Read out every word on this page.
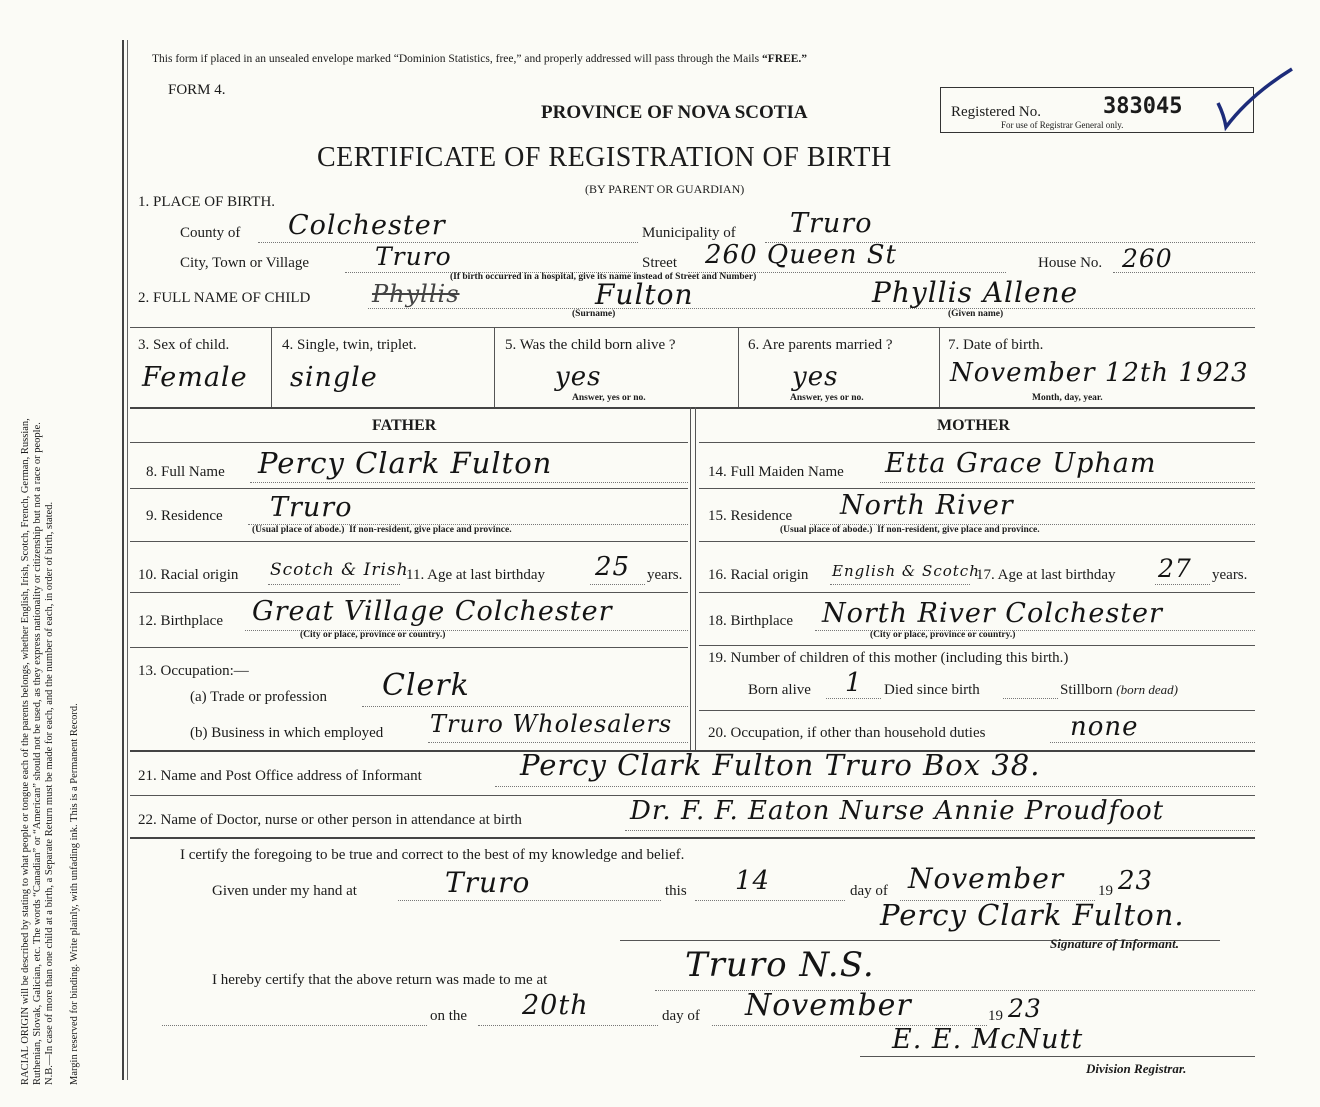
RACIAL ORIGIN will be described by stating to what people or tongue each of the parents belongs, whether English, Irish, Scotch, French, German, Russian, Ruthenian, Slovak, Galician, etc. The words “Canadian” or “American” should not be used, as they express nationality or citizenship but not a race or people. N.B.—In case of more than one child at a birth, a Separate Return must be made for each, and the number of each, in order of birth, stated. Margin reserved for binding. Write plainly, with unfading ink. This is a Permanent Record.
This form if placed in an unsealed envelope marked “Dominion Statistics, free,” and properly addressed will pass through the Mails “FREE.”
FORM 4.
PROVINCE OF NOVA SCOTIA
CERTIFICATE OF REGISTRATION OF BIRTH
(BY PARENT OR GUARDIAN)
Registered No.	383045
For use of Registrar General only.
1. PLACE OF BIRTH.
County of Colchester	Municipality of Truro
City, Town or Village	Truro	Street 260 Queen St	House No. 260
(If birth occurred in a hospital, give its name instead of Street and Number)
2. FULL NAME OF CHILD	Phyllis	Fulton	Phyllis Allene
(Surname)	(Given name)
3. Sex of child.
Female
4. Single, twin, triplet.
single
5. Was the child born alive ?
yes
Answer, yes or no.
6. Are parents married ?
yes
Answer, yes or no.
7. Date of birth.
November 12th 1923
Month, day, year.
FATHER
8. Full Name Percy Clark Fulton
9. Residence Truro
(Usual place of abode.) If non-resident, give place and province.
10. Racial origin Scotch & Irish
11. Age at last birthday 25 years.
12. Birthplace Great Village Colchester
(City or place, province or country.)
13. Occupation:—
(a) Trade or profession Clerk
(b) Business in which employed Truro Wholesalers
MOTHER
14. Full Maiden Name Etta Grace Upham
15. Residence North River
(Usual place of abode.) If non-resident, give place and province.
16. Racial origin English & Scotch
17. Age at last birthday 27 years.
18. Birthplace North River Colchester
(City or place, province or country.)
19. Number of children of this mother (including this birth.)
Born alive 1 Died since birth	Stillborn (born dead)
20. Occupation, if other than household duties	none
21. Name and Post Office address of Informant	Percy Clark Fulton Truro Box 38.
22. Name of Doctor, nurse or other person in attendance at birth	Dr. F. F. Eaton Nurse Annie Proudfoot
I certify the foregoing to be true and correct to the best of my knowledge and belief.
Given under my hand at	Truro	this 14	day of November 19 23
Percy Clark Fulton.
Signature of Informant.
I hereby certify that the above return was made to me at	Truro N.S.
on the 20th	day of November	19 23
E. E. McNutt
Division Registrar.
